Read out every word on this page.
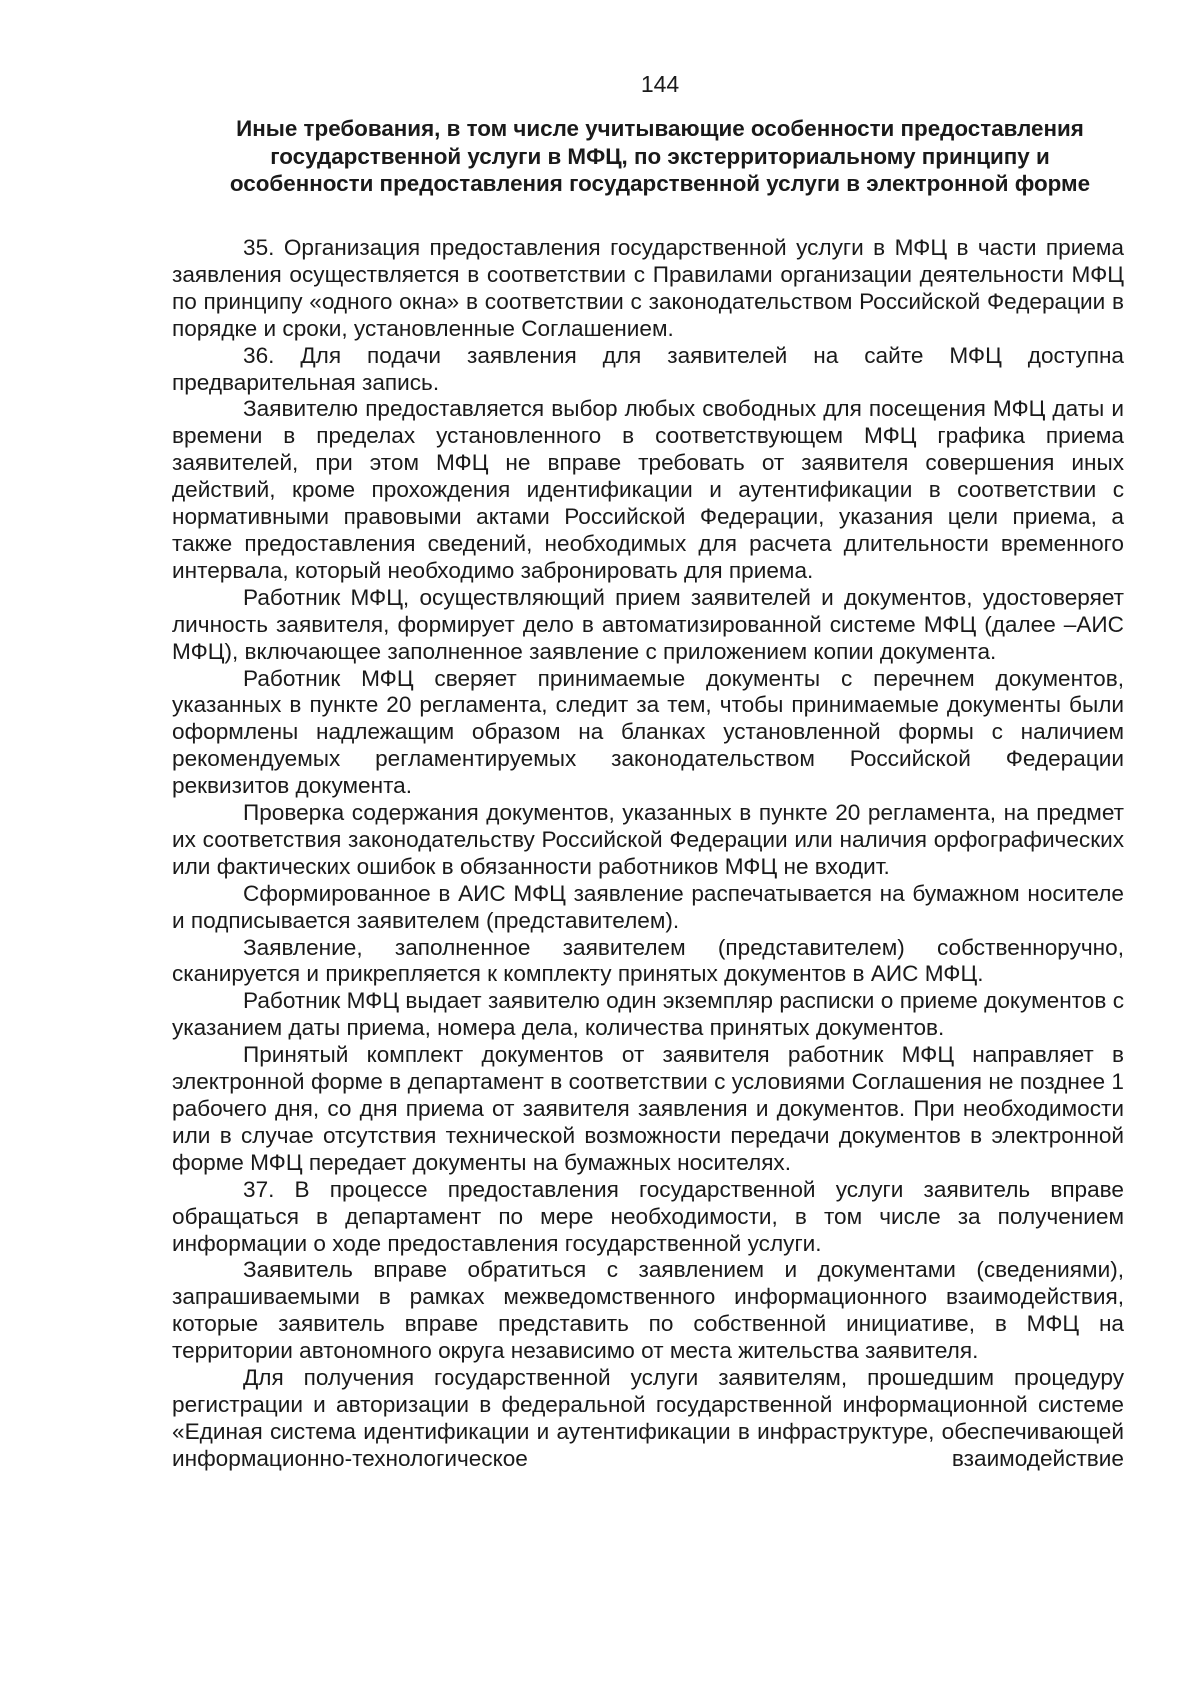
144
Иные требования, в том числе учитывающие особенности предоставления государственной услуги в МФЦ, по экстерриториальному принципу и особенности предоставления государственной услуги в электронной форме

35. Организация предоставления государственной услуги в МФЦ в части приема заявления осуществляется в соответствии с Правилами организации деятельности МФЦ по принципу «одного окна» в соответствии с законодательством Российской Федерации в порядке и сроки, установленные Соглашением.

36. Для подачи заявления для заявителей на сайте МФЦ доступна предварительная запись.

Заявителю предоставляется выбор любых свободных для посещения МФЦ даты и времени в пределах установленного в соответствующем МФЦ графика приема заявителей, при этом МФЦ не вправе требовать от заявителя совершения иных действий, кроме прохождения идентификации и аутентификации в соответствии с нормативными правовыми актами Российской Федерации, указания цели приема, а также предоставления сведений, необходимых для расчета длительности временного интервала, который необходимо забронировать для приема.

Работник МФЦ, осуществляющий прием заявителей и документов, удостоверяет личность заявителя, формирует дело в автоматизированной системе МФЦ (далее –АИС МФЦ), включающее заполненное заявление с приложением копии документа.

Работник МФЦ сверяет принимаемые документы с перечнем документов, указанных в пункте 20 регламента, следит за тем, чтобы принимаемые документы были оформлены надлежащим образом на бланках установленной формы с наличием рекомендуемых регламентируемых законодательством Российской Федерации реквизитов документа.

Проверка содержания документов, указанных в пункте 20 регламента, на предмет их соответствия законодательству Российской Федерации или наличия орфографических или фактических ошибок в обязанности работников МФЦ не входит.

Сформированное в АИС МФЦ заявление распечатывается на бумажном носителе и подписывается заявителем (представителем).

Заявление, заполненное заявителем (представителем) собственноручно, сканируется и прикрепляется к комплекту принятых документов в АИС МФЦ.

Работник МФЦ выдает заявителю один экземпляр расписки о приеме документов с указанием даты приема, номера дела, количества принятых документов.

Принятый комплект документов от заявителя работник МФЦ направляет в электронной форме в департамент в соответствии с условиями Соглашения не позднее 1 рабочего дня, со дня приема от заявителя заявления и документов. При необходимости или в случае отсутствия технической возможности передачи документов в электронной форме МФЦ передает документы на бумажных носителях.

37. В процессе предоставления государственной услуги заявитель вправе обращаться в департамент по мере необходимости, в том числе за получением информации о ходе предоставления государственной услуги.

Заявитель вправе обратиться с заявлением и документами (сведениями), запрашиваемыми в рамках межведомственного информационного взаимодействия, которые заявитель вправе представить по собственной инициативе, в МФЦ на территории автономного округа независимо от места жительства заявителя.

Для получения государственной услуги заявителям, прошедшим процедуру регистрации и авторизации в федеральной государственной информационной системе «Единая система идентификации и аутентификации в инфраструктуре, обеспечивающей информационно-технологическое взаимодействие
